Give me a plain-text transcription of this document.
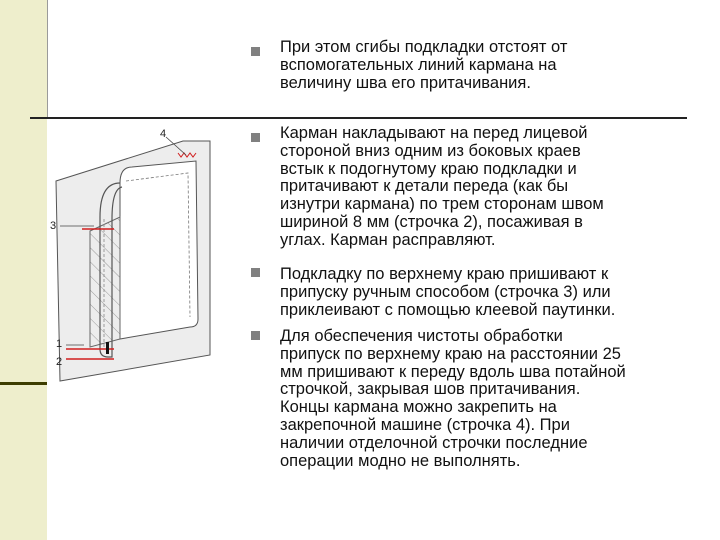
При этом сгибы подкладки отстоят от
вспомогательных линий кармана на
величину шва его притачивания.
Карман накладывают на перед лицевой
стороной вниз одним из боковых краев
встык к подогнутому краю подкладки и
притачивают к детали переда (как бы
изнутри кармана) по трем сторонам швом
шириной 8 мм (строчка 2), посаживая в
углах. Карман расправляют.
Подкладку по верхнему краю пришивают к
припуску ручным способом (строчка 3) или
приклеивают с помощью клеевой паутинки.
Для обеспечения чистоты обработки
припуск по верхнему краю на расстоянии 25
мм пришивают к переду вдоль шва потайной
строчкой, закрывая шов притачивания.
Концы кармана можно закрепить на
закрепочной машине (строчка 4). При
наличии отделочной строчки последние
операции модно не выполнять.
4
3
1
2
